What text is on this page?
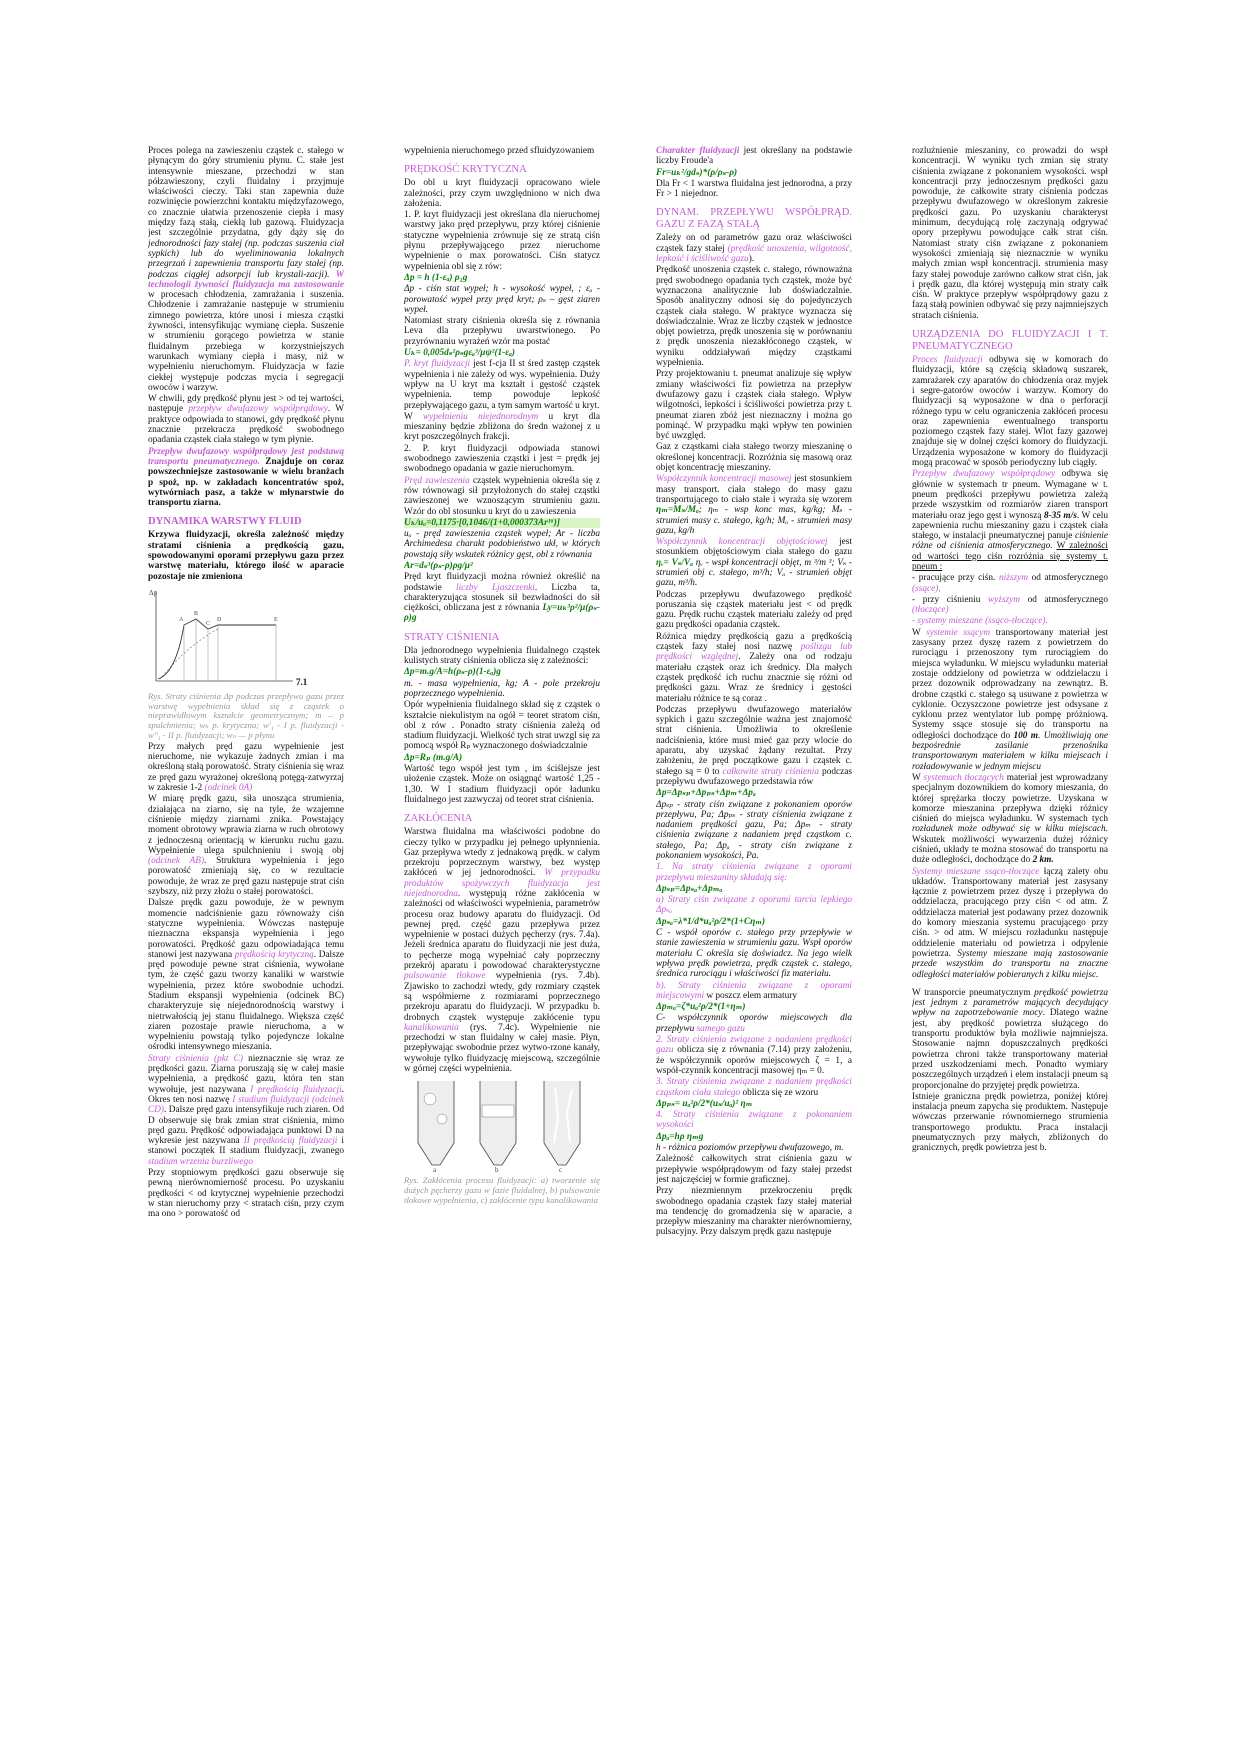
Proces polega na zawieszeniu cząstek c. stałego w płynącym do góry strumieniu płynu. C. stałe jest intensywnie mieszane, przechodzi w stan półzawieszony, czyli fluidalny i przyjmuje właściwości cieczy. Taki stan zapewnia duże rozwinięcie powierzchni kontaktu międzyfazowego, co znacznie ułatwia przenoszenie ciepła i masy między fazą stałą, ciekłą lub gazową. Fluidyzacja jest szczególnie przydatna, gdy dąży się do jednorodności fazy stałej (np. podczas suszenia ciał sypkich) lub do wyeliminowania lokalnych przegrzań i zapewnienia transportu fazy stałej (np. podczas ciągłej adsorpcji lub krystali-zacji). W technologii żywności fluidyzacja ma zastosowanie w procesach chłodzenia, zamrażania i suszenia. Chłodzenie i zamrażanie następuje w strumieniu zimnego powietrza, które unosi i miesza cząstki żywności, intensyfikując wymianę ciepła. Suszenie w strumieniu gorącego powietrza w stanie fluidalnym przebiega w korzystniejszych warunkach wymiany ciepła i masy, niż w wypełnieniu nieruchomym. Fluidyzacja w fazie ciekłej występuje podczas mycia i segregacji owoców i warzyw.

W chwili, gdy prędkość płynu jest > od tej wartości, następuje przepływ dwufazowy współprądowy. W praktyce odpowiada to stanowi, gdy prędkość płynu znacznie przekracza prędkość swobodnego opadania cząstek ciała stałego w tym płynie.

Przepływ dwufazowy współprądowy jest podstawą transportu pneumatycznego. Znajduje on coraz powszechniejsze zastosowanie w wielu branżach p spoż, np. w zakładach koncentratów spoż, wytwórniach pasz, a także w młynarstwie do transportu ziarna.

DYNAMIKA WARSTWY FLUID

Krzywa fluidyzacji, określa zależność między stratami ciśnienia a prędkością gazu, spowodowanymi oporami przepływu gazu przez warstwę materiału, którego ilość w aparacie pozostaje nie zmieniona

Δp
A
B
C
D	E
7.1

Rys. Straty ciśnienia Δp podczas przepływu gazu przez warstwę wypełnienia skład się z cząstek o nieprawidłowym kształcie geometrycznym; m – p spulchnienia; wₖ p. krytyczna; w'₁ - I p. fluidyzacji - w''₁ - II p. fluidyzacji; wₙ — p płynu

Przy małych pręd gazu wypełnienie jest nieruchome, nie wykazuje żadnych zmian i ma określoną stałą porowatość. Straty ciśnienia się wraz ze pręd gazu wyrażonej określoną potęgą-zatwyrzaj w zakresie 1-2 (odcinek 0A)

W miarę prędk gazu, siła unosząca strumienia, działająca na ziarno, się na tyle, że wzajemne ciśnienie między ziarnami znika. Powstający moment obrotowy wprawia ziarna w ruch obrotowy z jednoczesną orientacją w kierunku ruchu gazu. Wypełnienie ulega spulchnieniu i swoją obj (odcinek AB). Struktura wypełnienia i jego porowatość zmieniają się, co w rezultacie powoduje, że wraz ze pręd gazu następuje strat ciśn szybszy, niż przy złożu o stałej porowatości.

Dalsze prędk gazu powoduje, że w pewnym momencie nadciśnienie gazu równoważy ciśn statyczne wypełnienia. Wówczas następuje nieznaczna ekspansja wypełnienia i jego porowatości. Prędkość gazu odpowiadająca temu stanowi jest nazywana prędkością krytyczną. Dalsze pręd powoduje pewne strat ciśnienia, wywołane tym, że część gazu tworzy kanaliki w warstwie wypełnienia, przez które swobodnie uchodzi. Stadium ekspansji wypełnienia (odcinek BC) charakteryzuje się niejednorodnością warstwy i nietrwałością jej stanu fluidalnego. Większa część ziaren pozostaje prawie nieruchoma, a w wypełnieniu powstają tylko pojedyncze lokalne ośrodki intensywnego mieszania.

Straty ciśnienia (pkt C) nieznacznie się wraz ze prędkości gazu. Ziarna poruszają się w całej masie wypełnienia, a prędkość gazu, która ten stan wywołuje, jest nazywana I prędkością fluidyzacji. Okres ten nosi nazwę I stadium fluidyzacji (odcinek CD). Dalsze pręd gazu intensyfikuje ruch ziaren. Od D obserwuje się brak zmian strat ciśnienia, mimo pręd gazu. Prędkość odpowiadająca punktowi D na wykresie jest nazywana II prędkością fluidyzacji i stanowi początek II stadium fluidyzacji, zwanego stadium wrzenia burzliwego

Przy stopniowym prędkości gazu obserwuje się pewną nierównomierność procesu. Po uzyskaniu prędkości < od krytycznej wypełnienie przechodzi w stan nieruchomy przy < stratach ciśn, przy czym ma ono > porowatość od

wypełnienia nieruchomego przed sfluidyzowaniem

PRĘDKOŚĆ KRYTYCZNA

Do obl u kryt fluidyzacji opracowano wiele zależności, przy czym uwzględniono w nich dwa założenia.

1. P. kryt fluidyzacji jest określana dla nieruchomej warstwy jako pręd przepływu, przy której ciśnienie statyczne wypełnienia zrównuje się ze stratą ciśn płynu przepływającego przez nieruchome wypełnienie o max porowatości. Ciśn statycz wypełnienia obl się z rów:

Δp = h (1-εₐ) ρ₁g

Δp - ciśn stat wypeł; h - wysokość wypeł, ; εₐ - porowatość wypeł przy pręd kryt; ρₛ – gęst ziaren wypeł.

Natomiast straty ciśnienia określa się z równania Leva dla przepływu uwarstwionego. Po przyrównaniu wyrażeń wzór ma postać

Uₖ= 0,005dₛ²ρₛgεₐ³/μψ²(1-εₐ)

P. kryt fluidyzacji jest f-cja II st śred zastęp cząstek wypełnienia i nie zależy od wys. wypełnienia. Duży wpływ na U kryt ma kształt i gęstość cząstek wypełnienia. temp powoduje lepkość przepływającego gazu, a tym samym wartość u kryt.

W wypełnieniu niejednorodnym u kryt dla mieszaniny będzie zbliżona do średn ważonej z u kryt poszczególnych frakcji.

2. P. kryt fluidyzacji odpowiada stanowi swobodnego zawieszenia cząstki i jest = prędk jej swobodnego opadania w gazie nieruchomym.

Pręd zawieszenia cząstek wypełnienia określa się z rów równowagi sił przyłożonych do stałej cząstki zawieszonej we wznoszącym strumieniu gazu. Wzór do obl stosunku u kryt do u zawieszenia

Uₖ/uₒ=0,1175·[0,1046/(1+0,000373Ar¹⁶)]

uₒ - pręd zawieszenia cząstek wypeł; Ar - liczba Archimedesa charakt podobieństwo ukł, w których powstają siły wskutek różnicy gęst, obl z równania

Ar=dₛ³(ρₛ-ρ)ρg/μ²

Pręd kryt fluidyzacji można również określić na podstawie liczby Ljaszczenki. Liczba ta, charakteryzująca stosunek sił bezwładności do sił ciężkości, obliczana jest z równania Ly=uₖ³ρ²/μ(ρₛ-ρ)g

STRATY CIŚNIENIA

Dla jednorodnego wypełnienia fluidalnego cząstek kulistych straty ciśnienia oblicza się z zależności:

Δp=m.g/A=h(ρₛ-ρ)(1-εₐ)g

m. - masa wypełnienia, kg; A - pole przekroju poprzecznego wypełnienia.

Opór wypełnienia fluidalnego skład się z cząstek o kształcie niekulistym na ogół = teoret stratom ciśn, obl z rów . Ponadto straty ciśnienia zależą od stadium fluidyzacji. Wielkość tych strat uwzgl się za pomocą współ Rₚ wyznaczonego doświadczalnie

Δp=Rₚ (m.g/A)

Wartość tego współ jest tym , im ściślejsze jest ułożenie cząstek. Może on osiągnąć wartość 1,25 - 1,30. W I stadium fluidyzacji opór ładunku fluidalnego jest zazwyczaj od teoret strat ciśnienia.

ZAKŁÓCENIA

Warstwa fluidalna ma właściwości podobne do cieczy tylko w przypadku jej pełnego upłynnienia. Gaz przepływa wtedy z jednakową prędk. w całym przekroju poprzecznym warstwy, bez występ zakłóceń w jej jednorodności. W przypadku produktów spożywczych fluidyzacja jest niejednorodna. występują różne zakłócenia w zależności od właściwości wypełnienia, parametrów procesu oraz budowy aparatu do fluidyzacji. Od pewnej pręd. część gazu przepływa przez wypełnienie w postaci dużych pęcherzy (rys. 7.4a). Jeżeli średnica aparatu do fluidyzacji nie jest duża, to pęcherze mogą wypełniać cały poprzeczny przekrój aparatu i powodować charakterystyczne pulsowanie tłokowe wypełnienia (rys. 7.4b). Zjawisko to zachodzi wtedy, gdy rozmiary cząstek są współmierne z rozmiarami poprzecznego przekroju aparatu do fluidyzacji. W przypadku b. drobnych cząstek występuje zakłócenie typu kanalikowania (rys. 7.4c). Wypełnienie nie przechodzi w stan fluidalny w całej masie. Płyn, przepływając swobodnie przez wytwo-rzone kanały, wywołuje tylko fluidyzację miejscową, szczególnie w górnej części wypełnienia.

a	b	c

Rys. Zakłócenia procesu fluidyzacji: a) tworzenie się dużych pęcherzy gazu w fazie fluidalnej, b) pulsowanie tłokowe wypełnienia, c) zakłócenie typu kanalikowania

Charakter fluidyzacji jest określany na podstawie liczby Froude'a

Fr=uₖ²/gdₛ)*(ρ/ρₛ-ρ)

Dla Fr < 1 warstwa fluidalna jest jednorodna, a przy Fr > 1 niejednor.

DYNAM. PRZEPŁYWU WSPÓŁPRĄD. GAZU Z FAZĄ STAŁĄ

Zależy on od parametrów gazu oraz właściwości cząstek fazy stałej (prędkość unoszenia, wilgotność, lepkość i ściśliwość gazu).

Prędkość unoszenia cząstek c. stałego, równoważna pręd swobodnego opadania tych cząstek, może być wyznaczona analitycznie lub doświadczalnie. Sposób analityczny odnosi się do pojedynczych cząstek ciała stałego. W praktyce wyznacza się doświadczalnie. Wraz ze liczby cząstek w jednostce objęt powietrza, prędk unoszenia się w porównaniu z prędk unoszenia niezakłóconego cząstek, w wyniku oddziaływań między cząstkami wypełnienia.

Przy projektowaniu t. pneumat analizuje się wpływ zmiany właściwości fiz powietrza na przepływ dwufazowy gazu i cząstek ciała stałego. Wpływ wilgotności, lepkości i ściśliwości powietrza przy t. pneumat ziaren zbóż jest nieznaczny i można go pominąć. W przypadku mąki wpływ ten powinien być uwzględ.

Gaz z cząstkami ciała stałego tworzy mieszaninę o określonej koncentracji. Rozróżnia się masową oraz objęt koncentrację mieszaniny.

Współczynnik koncentracji masowej jest stosunkiem masy transport. ciała stałego do masy gazu transportującego to ciało stałe i wyraża się wzorem ηₘ=Mₛ/Mₐ; ηₘ - wsp konc mas, kg/kg; Mₛ - strumień masy c. stałego, kg/h; Mₐ - strumień masy gazu, kg/h

Współczynnik koncentracji objętościowej jest stosunkiem objętościowym ciała stałego do gazu ηᵥ= Vₛ/Vₐ ηᵥ - wspł koncentracji objęt, m ³/m ³; Vₛ - strumień obj c. stałego, m³/h; Vₐ - strumień objęt gazu, m³/h.

Podczas przepływu dwufazowego prędkość poruszania się cząstek materiału jest < od prędk gazu. Prędk ruchu cząstek materiału zależy od pręd gazu prędkości opadania cząstek.

Różnica między prędkością gazu a prędkością cząstek fazy stałej nosi nazwę poślizgu lub prędkości względnej. Zależy ona od rodzaju materiału cząstek oraz ich średnicy. Dla małych cząstek prędkość ich ruchu znacznie się różni od prędkości gazu. Wraz ze średnicy i gęstości materiału różnice te są coraz .

Podczas przepływu dwufazowego materiałów sypkich i gazu szczególnie ważna jest znajomość strat ciśnienia. Umożliwia to określenie nadciśnienia, które musi mieć gaz przy wlocie do aparatu, aby uzyskać żądany rezultat. Przy założeniu, że pręd początkowe gazu i cząstek c. stałego są = 0 to całkowite straty ciśnienia podczas przepływu dwufazowego przedstawia rów

Δp=Δpₛₚ+Δpₚₛ+Δpₘ+Δpₐ

Δpₛₚ - straty ciśn związane z pokonaniem oporów przepływu, Pa; Δpₚₛ - straty ciśnienia związane z nadaniem prędkości gazu, Pa; Δpₘ - straty ciśnienia związane z nadaniem pręd cząstkom c. stałego, Pa; Δpₐ - straty ciśn związane z pokonaniem wysokości, Pa.

1. Na straty ciśnienia związane z oporami przepływu mieszaniny składają się:

Δpₛₚ=Δpₛₐ+Δpₘₐ

a) Straty ciśn związane z oporami tarcia lepkiego Δpₛₐ

Δpₛₐ=λ*1/d*uₐ²ρ/2*(1+Cηₘ)

C - współ oporów c. stałego przy przepływie w stanie zawieszenia w strumieniu gazu. Wspł oporów materiału C określa się doświadcz. Na jego wielk wpływa prędk powietrza, prędk cząstek c. stałego, średnica rurociągu i właściwości fiz materiału.

b). Straty ciśnienia związane z oporami miejscowymi w poszcz elem armatury

Δpₘₐ=ζ*uₐ²ρ/2*(1+ηₘ)

C- współczynnik oporów miejscowych dla przepływu samego gazu

2. Straty ciśnienia związane z nadaniem prędkości gazu oblicza się z równania (7.14) przy założeniu, że współczynnik oporów miejscowych ζ = 1, a współ-czynnik koncentracji masowej ηₘ = 0.

3. Straty ciśnienia związane z nadaniem prędkości cząstkom ciała stałego oblicza się ze wzoru

Δpₚₛ= uₐ²ρ/2*(uₛ/uₐ)² ηₘ

4. Straty ciśnienia związane z pokonaniem wysokości

Δpₐ=hρ ηₘg

h - różnica poziomów przepływu dwufazowego, m.

Zależność całkowitych strat ciśnienia gazu w przepływie współprądowym od fazy stałej przedst jest najczęściej w formie graficznej.

Przy niezmiennym przekroczeniu prędk swobodnego opadania cząstek fazy stałej materiał ma tendencję do gromadzenia się w aparacie, a przepływ mieszaniny ma charakter nierównomierny, pulsacyjny. Przy dalszym prędk gazu następuje

rozluźnienie mieszaniny, co prowadzi do wspł koncentracji. W wyniku tych zmian się straty ciśnienia związane z pokonaniem wysokości. wspł koncentracji przy jednoczesnym prędkości gazu powoduje, że całkowite straty ciśnienia podczas przepływu dwufazowego w określonym zakresie prędkości gazu. Po uzyskaniu charakteryst minimum, decydującą rolę zaczynają odgrywać opory przepływu powodujące całk strat ciśn. Natomiast straty ciśn związane z pokonaniem wysokości zmieniają się nieznacznie w wyniku małych zmian wspł koncentracji. strumienia masy fazy stałej powoduje zarówno całkow strat ciśn, jak i prędk gazu, dla której występują min straty całk ciśn. W praktyce przepływ współprądowy gazu z fazą stałą powinien odbywać się przy najmniejszych stratach ciśnienia.

URZĄDZENIA DO FLUIDYZACJI I T. PNEUMATYCZNEGO

Proces fluidyzacji odbywa się w komorach do fluidyzacji, które są częścią składową suszarek, zamrażarek czy aparatów do chłodzenia oraz myjek i segre-gatorów owoców i warzyw. Komory do fluidyzacji są wyposażone w dna o perforacji różnego typu w celu ograniczenia zakłóceń procesu oraz zapewnienia ewentualnego transportu poziomego cząstek fazy stałej. Wlot fazy gazowej znajduje się w dolnej części komory do fluidyzacji. Urządzenia wyposażone w komory do fluidyzacji mogą pracować w sposób periodyczny lub ciągły.

Przepływ dwufazowy współprądowy odbywa się głównie w systemach tr pneum. Wymagane w t. pneum prędkości przepływu powietrza zależą przede wszystkim od rozmiarów ziaren transport materiału oraz jego gęst i wynoszą 8-35 m/s. W celu zapewnienia ruchu mieszaniny gazu i cząstek ciała stałego, w instalacji pneumatycznej panuje ciśnienie różne od ciśnienia atmosferycznego. W zależności od wartości tego ciśn rozróżnia się systemy t. pneum :

- pracujące przy ciśn. niższym od atmosferycznego (ssące),

- przy ciśnieniu wyższym od atmosferycznego (tłoczące)

- systemy mieszane (ssąco-tłoczące).

W systemie ssącym transportowany materiał jest zasysany przez dyszę razem z powietrzem do rurociągu i przenoszony tym rurociągiem do miejsca wyładunku. W miejscu wyładunku materiał zostaje oddzielony od powietrza w oddzielaczu i przez dozownik odprowadzany na zewnątrz. B. drobne cząstki c. stałego są usuwane z powietrza w cyklonie. Oczyszczone powietrze jest odsysane z cyklonu przez wentylator lub pompę próżniową. Systemy ssące stosuje się do transportu na odległości dochodzące do 100 m. Umożliwiają one bezpośrednie zasilanie przenośnika transportowanym materiałem w kilku miejscach i rozładowywanie w jednym miejscu

W systemach tłoczących materiał jest wprowadzany specjalnym dozownikiem do komory mieszania, do której sprężarka tłoczy powietrze. Uzyskana w komorze mieszanina przepływa dzięki różnicy ciśnień do miejsca wyładunku. W systemach tych rozładunek może odbywać się w kilku miejscach. Wskutek możliwości wywarzenia dużej różnicy ciśnień, układy te można stosować do transportu na duże odległości, dochodzące do 2 km.

Systemy mieszane ssąco-tłoczące łączą zalety obu układów. Transportowany materiał jest zasysany łącznie z powietrzem przez dyszę i przepływa do oddzielacza, pracującego przy ciśn < od atm. Z oddzielacza materiał jest podawany przez dozownik do komory mieszania systemu pracującego przy ciśn. > od atm. W miejscu rozładunku następuje oddzielenie materiału od powietrza i odpylenie powietrza. Systemy mieszane mają zastosowanie przede wszystkim do transportu na znaczne odległości materiałów pobieranych z kilku miejsc.

W transporcie pneumatycznym prędkość powietrza jest jednym z parametrów mających decydujący wpływ na zapotrzebowanie mocy. Dlatego ważne jest, aby prędkość powietrza służącego do transportu produktów była możliwie najmniejsza. Stosowanie najmn dopuszczalnych prędkości powietrza chroni także transportowany materiał przed uszkodzeniami mech. Ponadto wymiary poszczególnych urządzeń i elem instalacji pneum są proporcjonalne do przyjętej prędk powietrza.

Istnieje graniczna prędk powietrza, poniżej której instalacja pneum zapycha się produktem. Następuje wówczas przerwanie równomiernego strumienia transportowego produktu. Praca instalacji pneumatycznych przy małych, zbliżonych do granicznych, prędk powietrza jest b.
